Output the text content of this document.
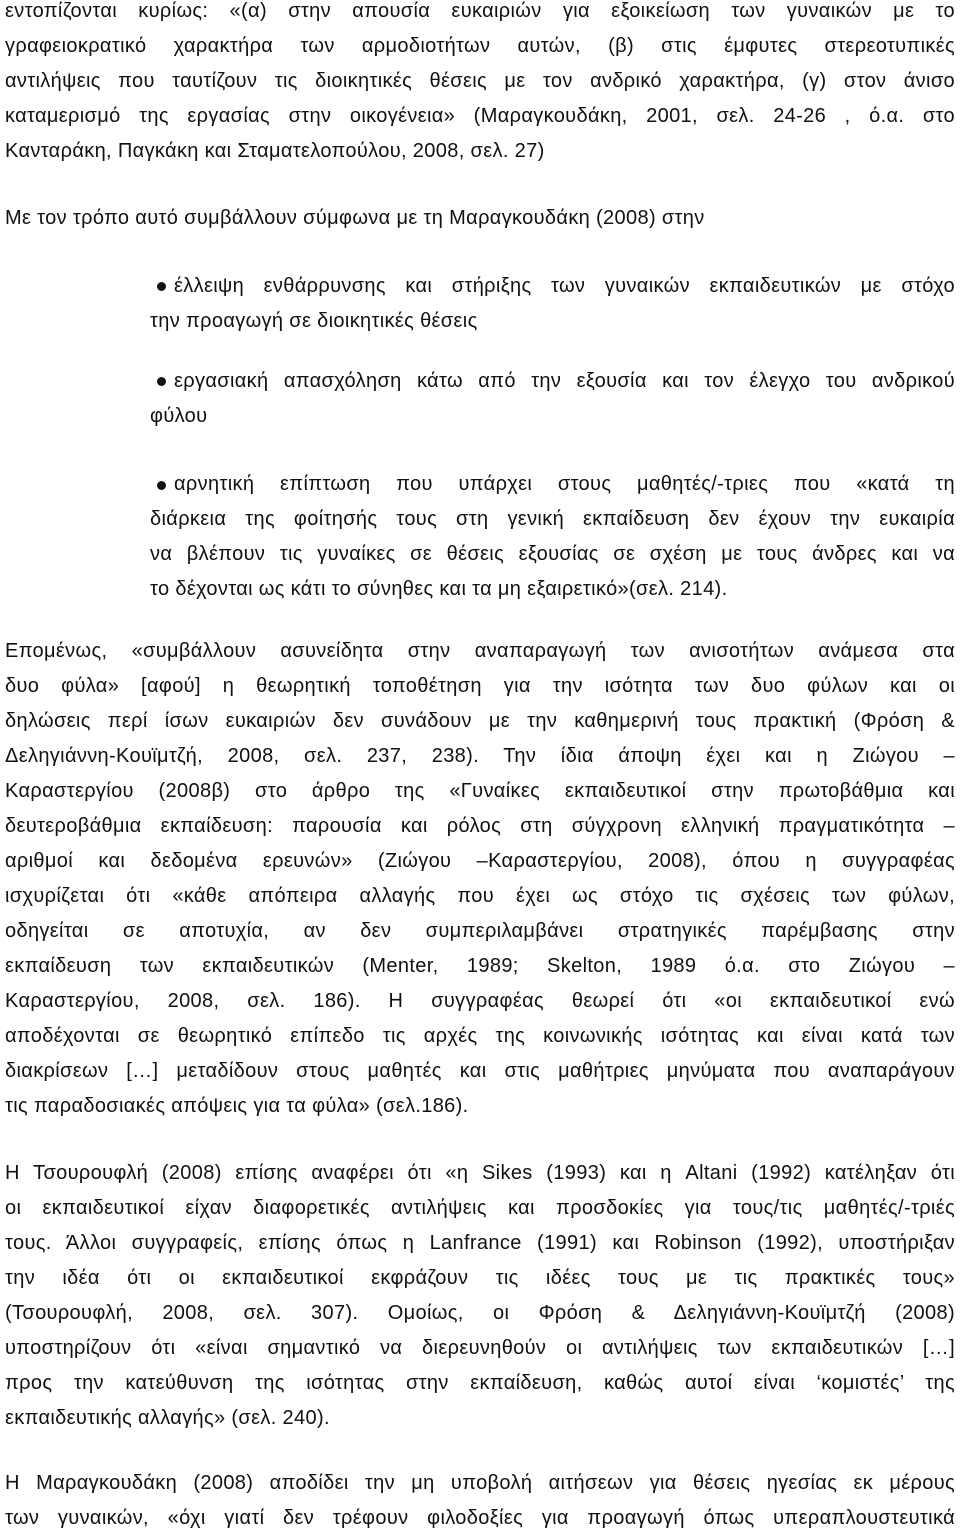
εντοπίζονται κυρίως: «(α) στην απουσία ευκαιριών για εξοικείωση των γυναικών με το
γραφειοκρατικό χαρακτήρα των αρμοδιοτήτων αυτών, (β) στις έμφυτες στερεοτυπικές
αντιλήψεις που ταυτίζουν τις διοικητικές θέσεις με τον ανδρικό χαρακτήρα, (γ) στον άνισο
καταμερισμό της εργασίας στην οικογένεια» (Μαραγκουδάκη, 2001, σελ. 24-26 , ό.α. στο
Κανταράκη, Παγκάκη και Σταματελοπούλου, 2008, σελ. 27)
Με τον τρόπο αυτό συμβάλλουν σύμφωνα με τη Μαραγκουδάκη (2008) στην
έλλειψη ενθάρρυνσης και στήριξης των γυναικών εκπαιδευτικών με στόχο
την προαγωγή σε διοικητικές θέσεις
εργασιακή απασχόληση κάτω από την εξουσία και τον έλεγχο του ανδρικού
φύλου
αρνητική επίπτωση που υπάρχει στους μαθητές/-τριες που «κατά τη
διάρκεια της φοίτησής τους στη γενική εκπαίδευση δεν έχουν την ευκαιρία
να βλέπουν τις γυναίκες σε θέσεις εξουσίας σε σχέση με τους άνδρες και να
το δέχονται ως κάτι το σύνηθες και τα μη εξαιρετικό»(σελ. 214).
Επομένως, «συμβάλλουν ασυνείδητα στην αναπαραγωγή των ανισοτήτων ανάμεσα στα
δυο φύλα» [αφού] η θεωρητική τοποθέτηση για την ισότητα των δυο φύλων και οι
δηλώσεις περί ίσων ευκαιριών δεν συνάδουν με την καθημερινή τους πρακτική (Φρόση &
Δεληγιάννη-Κουϊμτζή, 2008, σελ. 237, 238). Την ίδια άποψη έχει και η Ζιώγου –
Καραστεργίου (2008β) στο άρθρο της «Γυναίκες εκπαιδευτικοί στην πρωτοβάθμια και
δευτεροβάθμια εκπαίδευση: παρουσία και ρόλος στη σύγχρονη ελληνική πραγματικότητα –
αριθμοί και δεδομένα ερευνών» (Ζιώγου –Καραστεργίου, 2008), όπου η συγγραφέας
ισχυρίζεται ότι «κάθε απόπειρα αλλαγής που έχει ως στόχο τις σχέσεις των φύλων,
οδηγείται σε αποτυχία, αν δεν συμπεριλαμβάνει στρατηγικές παρέμβασης στην
εκπαίδευση των εκπαιδευτικών (Menter, 1989; Skelton, 1989 ό.α. στο Ζιώγου –
Καραστεργίου, 2008, σελ. 186). Η συγγραφέας θεωρεί ότι «οι εκπαιδευτικοί ενώ
αποδέχονται σε θεωρητικό επίπεδο τις αρχές της κοινωνικής ισότητας και είναι κατά των
διακρίσεων […] μεταδίδουν στους μαθητές και στις μαθήτριες μηνύματα που αναπαράγουν
τις παραδοσιακές απόψεις για τα φύλα» (σελ.186).
Η Τσουρουφλή (2008) επίσης αναφέρει ότι «η Sikes (1993) και η Altani (1992) κατέληξαν ότι
οι εκπαιδευτικοί είχαν διαφορετικές αντιλήψεις και προσδοκίες για τους/τις μαθητές/-τριές
τους. Άλλοι συγγραφείς, επίσης όπως η Lanfrance (1991) και Robinson (1992), υποστήριξαν
την ιδέα ότι οι εκπαιδευτικοί εκφράζουν τις ιδέες τους με τις πρακτικές τους»
(Τσουρουφλή, 2008, σελ. 307). Ομοίως, οι Φρόση & Δεληγιάννη-Κουϊμτζή (2008)
υποστηρίζουν ότι «είναι σημαντικό να διερευνηθούν οι αντιλήψεις των εκπαιδευτικών […]
προς την κατεύθυνση της ισότητας στην εκπαίδευση, καθώς αυτοί είναι ‘κομιστές’ της
εκπαιδευτικής αλλαγής» (σελ. 240).
Η Μαραγκουδάκη (2008) αποδίδει την μη υποβολή αιτήσεων για θέσεις ηγεσίας εκ μέρους
των γυναικών, «όχι γιατί δεν τρέφουν φιλοδοξίες για προαγωγή όπως υπεραπλουστευτικά
